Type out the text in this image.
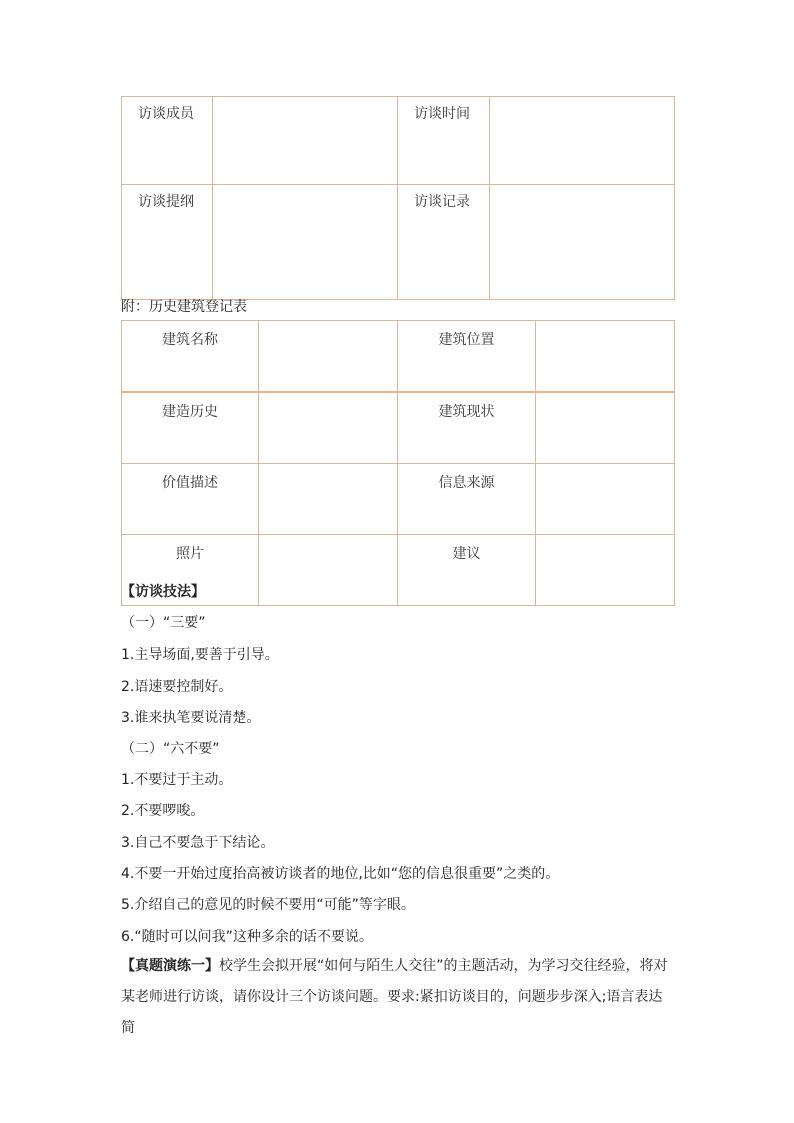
访谈成员		访谈时间	
访谈提纲		访谈记录	
附：历史建筑登记表
建筑名称		建筑位置	
建造历史		建筑现状	
价值描述		信息来源	
照片		建议	
【访谈技法】
（一）“三要”
1.主导场面,要善于引导。
2.语速要控制好。
3.谁来执笔要说清楚。
（二）“六不要”
1.不要过于主动。
2.不要啰唆。
3.自己不要急于下结论。
4.不要一开始过度抬高被访谈者的地位,比如“您的信息很重要”之类的。
5.介绍自己的意见的时候不要用“可能”等字眼。
6.“随时可以问我”这种多余的话不要说。
【真题演练一】校学生会拟开展“如何与陌生人交往”的主题活动，为学习交往经验，将对某老师进行访谈，请你设计三个访谈问题。要求:紧扣访谈目的，问题步步深入;语言表达简
